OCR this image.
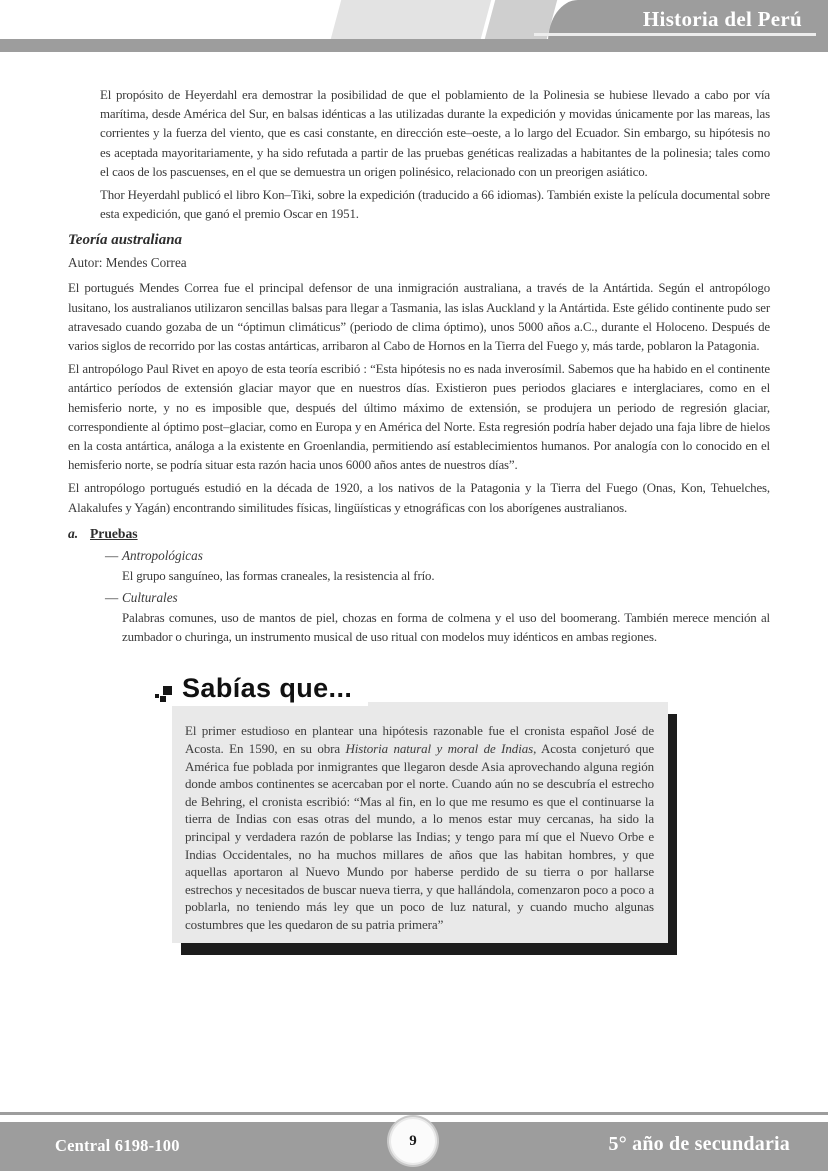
Historia del Perú

El propósito de Heyerdahl era demostrar la posibilidad de que el poblamiento de la Polinesia se hubiese llevado a cabo por vía marítima, desde América del Sur, en balsas idénticas a las utilizadas durante la expedición y movidas únicamente por las mareas, las corrientes y la fuerza del viento, que es casi constante, en dirección este–oeste, a lo largo del Ecuador. Sin embargo, su hipótesis no es aceptada mayoritariamente, y ha sido refutada a partir de las pruebas genéticas realizadas a habitantes de la polinesia; tales como el caos de los pascuenses, en el que se demuestra un origen polinésico, relacionado con un preorigen asiático.

Thor Heyerdahl publicó el libro Kon–Tiki, sobre la expedición (traducido a 66 idiomas). También existe la película documental sobre esta expedición, que ganó el premio Oscar en 1951.

Teoría australiana

Autor: Mendes Correa

El portugués Mendes Correa fue el principal defensor de una inmigración australiana, a través de la Antártida. Según el antropólogo lusitano, los australianos utilizaron sencillas balsas para llegar a Tasmania, las islas Auckland y la Antártida. Este gélido continente pudo ser atravesado cuando gozaba de un “óptimun climáticus” (periodo de clima óptimo), unos 5000 años a.C., durante el Holoceno. Después de varios siglos de recorrido por las costas antárticas, arribaron al Cabo de Hornos en la Tierra del Fuego y, más tarde, poblaron la Patagonia.

El antropólogo Paul Rivet en apoyo de esta teoría escribió : “Esta hipótesis no es nada inverosímil. Sabemos que ha habido en el continente antártico períodos de extensión glaciar mayor que en nuestros días. Existieron pues periodos glaciares e interglaciares, como en el hemisferio norte, y no es imposible que, después del último máximo de extensión, se produjera un periodo de regresión glaciar, correspondiente al óptimo post–glaciar, como en Europa y en América del Norte. Esta regresión podría haber dejado una faja libre de hielos en la costa antártica, análoga a la existente en Groenlandia, permitiendo así establecimientos humanos. Por analogía con lo conocido en el hemisferio norte, se podría situar esta razón hacia unos 6000 años antes de nuestros días”.

El antropólogo portugués estudió en la década de 1920, a los nativos de la Patagonia y la Tierra del Fuego (Onas, Kon, Tehuelches, Alakalufes y Yagán) encontrando similitudes físicas, lingüísticas y etnográficas con los aborígenes australianos.

a. Pruebas
— Antropológicas

El grupo sanguíneo, las formas craneales, la resistencia al frío.

— Culturales

Palabras comunes, uso de mantos de piel, chozas en forma de colmena y el uso del boomerang. También merece mención al zumbador o churinga, un instrumento musical de uso ritual con modelos muy idénticos en ambas regiones.

Sabías que...

El primer estudioso en plantear una hipótesis razonable fue el cronista español José de Acosta. En 1590, en su obra Historia natural y moral de Indias, Acosta conjeturó que América fue poblada por inmigrantes que llegaron desde Asia aprovechando alguna región donde ambos continentes se acercaban por el norte. Cuando aún no se descubría el estrecho de Behring, el cronista escribió: “Mas al fin, en lo que me resumo es que el continuarse la tierra de Indias con esas otras del mundo, a lo menos estar muy cercanas, ha sido la principal y verdadera razón de poblarse las Indias; y tengo para mí que el Nuevo Orbe e Indias Occidentales, no ha muchos millares de años que las habitan hombres, y que aquellas aportaron al Nuevo Mundo por haberse perdido de su tierra o por hallarse estrechos y necesitados de buscar nueva tierra, y que hallándola, comenzaron poco a poco a poblarla, no teniendo más ley que un poco de luz natural, y cuando mucho algunas costumbres que les quedaron de su patria primera”

Central 6198-100	9	5° año de secundaria
